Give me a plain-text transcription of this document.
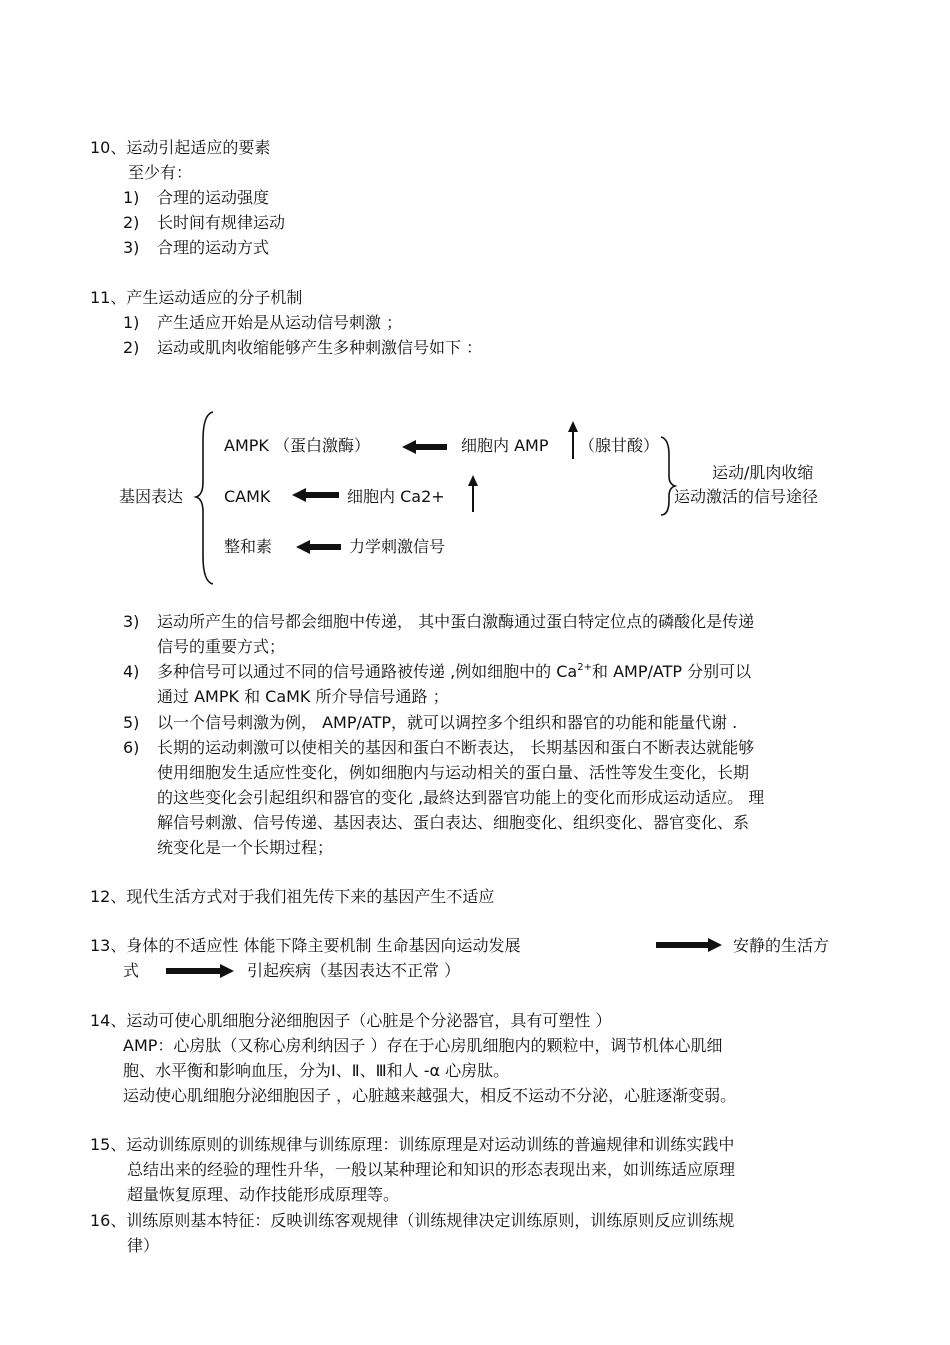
10、运动引起适应的要素
至少有：
1) 合理的运动强度
2) 长时间有规律运动
3) 合理的运动方式
11、产生运动适应的分子机制
1) 产生适应开始是从运动信号刺激 ；
2) 运动或肌肉收缩能够产生多种刺激信号如下 ：
基因表达
AMPK （蛋白激酶）	细胞内 AMP （腺甘酸）
CAMK	细胞内 Ca2+
整和素	力学刺激信号
运动/肌肉收缩
运动激活的信号途径
3) 运动所产生的信号都会细胞中传递， 其中蛋白激酶通过蛋白特定位点的磷酸化是传递
信号的重要方式；
4) 多种信号可以通过不同的信号通路被传递 ,例如细胞中的 $Ca^{2+}$和 AMP/ATP 分别可以
通过 AMPK 和 CaMK 所介导信号通路 ；
5) 以一个信号刺激为例， AMP/ATP，就可以调控多个组织和器官的功能和能量代谢 .
6) 长期的运动刺激可以使相关的基因和蛋白不断表达， 长期基因和蛋白不断表达就能够
使用细胞发生适应性变化，例如细胞内与运动相关的蛋白量、活性等发生变化，长期
的这些变化会引起组织和器官的变化 ,最終达到器官功能上的变化而形成运动适应。 理
解信号刺激、信号传递、基因表达、蛋白表达、细胞变化、组织变化、器官变化、系
统变化是一个长期过程；
12、现代生活方式对于我们祖先传下来的基因产生不适应
13、身体的不适应性 体能下降主要机制 生命基因向运动发展	安静的生活方
式	引起疾病（基因表达不正常 ）
14、运动可使心肌细胞分泌细胞因子（心脏是个分泌器官，具有可塑性 ）
AMP：心房肽（又称心房利纳因子 ）存在于心房肌细胞内的颗粒中，调节机体心肌细
胞、水平衡和影响血压，分为Ⅰ、Ⅱ、Ⅲ和人 -α 心房肽。
运动使心肌细胞分泌细胞因子 ，心脏越来越强大，相反不运动不分泌，心脏逐渐变弱。
15、运动训练原则的训练规律与训练原理：训练原理是对运动训练的普遍规律和训练实践中
总结出来的经验的理性升华，一般以某种理论和知识的形态表现出来，如训练适应原理
超量恢复原理、动作技能形成原理等。
16、训练原则基本特征：反映训练客观规律（训练规律决定训练原则，训练原则反应训练规
律）
